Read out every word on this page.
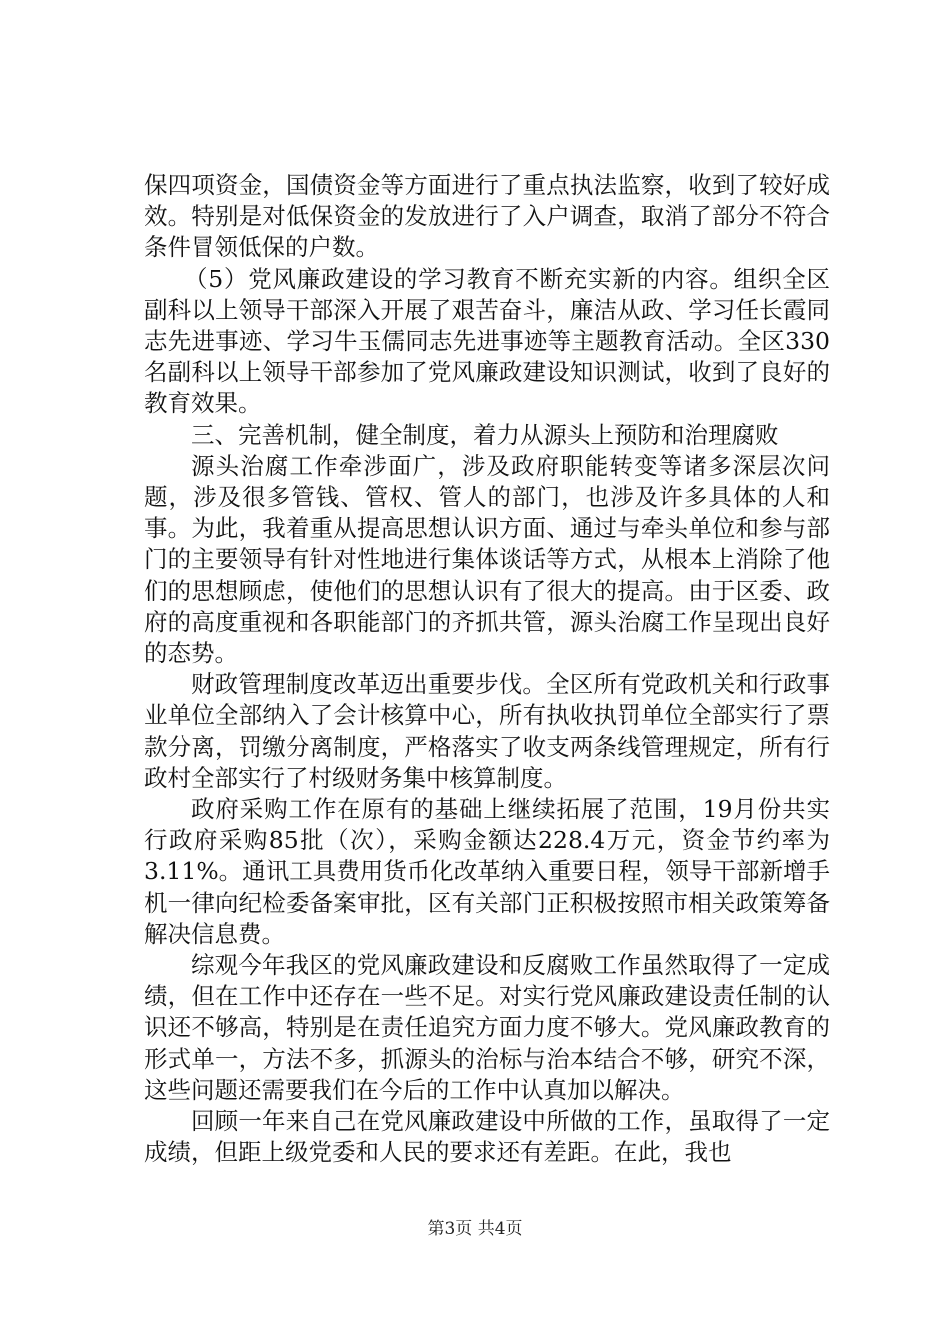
保四项资金，国债资金等方面进行了重点执法监察，收到了较好成效。特别是对低保资金的发放进行了入户调查，取消了部分不符合条件冒领低保的户数。

（5）党风廉政建设的学习教育不断充实新的内容。组织全区副科以上领导干部深入开展了艰苦奋斗，廉洁从政、学习任长霞同志先进事迹、学习牛玉儒同志先进事迹等主题教育活动。全区330名副科以上领导干部参加了党风廉政建设知识测试，收到了良好的教育效果。

三、完善机制，健全制度，着力从源头上预防和治理腐败

源头治腐工作牵涉面广，涉及政府职能转变等诸多深层次问题，涉及很多管钱、管权、管人的部门，也涉及许多具体的人和事。为此，我着重从提高思想认识方面、通过与牵头单位和参与部门的主要领导有针对性地进行集体谈话等方式，从根本上消除了他们的思想顾虑，使他们的思想认识有了很大的提高。由于区委、政府的高度重视和各职能部门的齐抓共管，源头治腐工作呈现出良好的态势。

财政管理制度改革迈出重要步伐。全区所有党政机关和行政事业单位全部纳入了会计核算中心，所有执收执罚单位全部实行了票款分离，罚缴分离制度，严格落实了收支两条线管理规定，所有行政村全部实行了村级财务集中核算制度。

政府采购工作在原有的基础上继续拓展了范围，19月份共实行政府采购85批（次），采购金额达228.4万元，资金节约率为3.11%。通讯工具费用货币化改革纳入重要日程，领导干部新增手机一律向纪检委备案审批，区有关部门正积极按照市相关政策筹备解决信息费。

综观今年我区的党风廉政建设和反腐败工作虽然取得了一定成绩，但在工作中还存在一些不足。对实行党风廉政建设责任制的认识还不够高，特别是在责任追究方面力度不够大。党风廉政教育的形式单一，方法不多，抓源头的治标与治本结合不够，研究不深，这些问题还需要我们在今后的工作中认真加以解决。

回顾一年来自己在党风廉政建设中所做的工作，虽取得了一定成绩，但距上级党委和人民的要求还有差距。在此，我也

第3页 共4页
